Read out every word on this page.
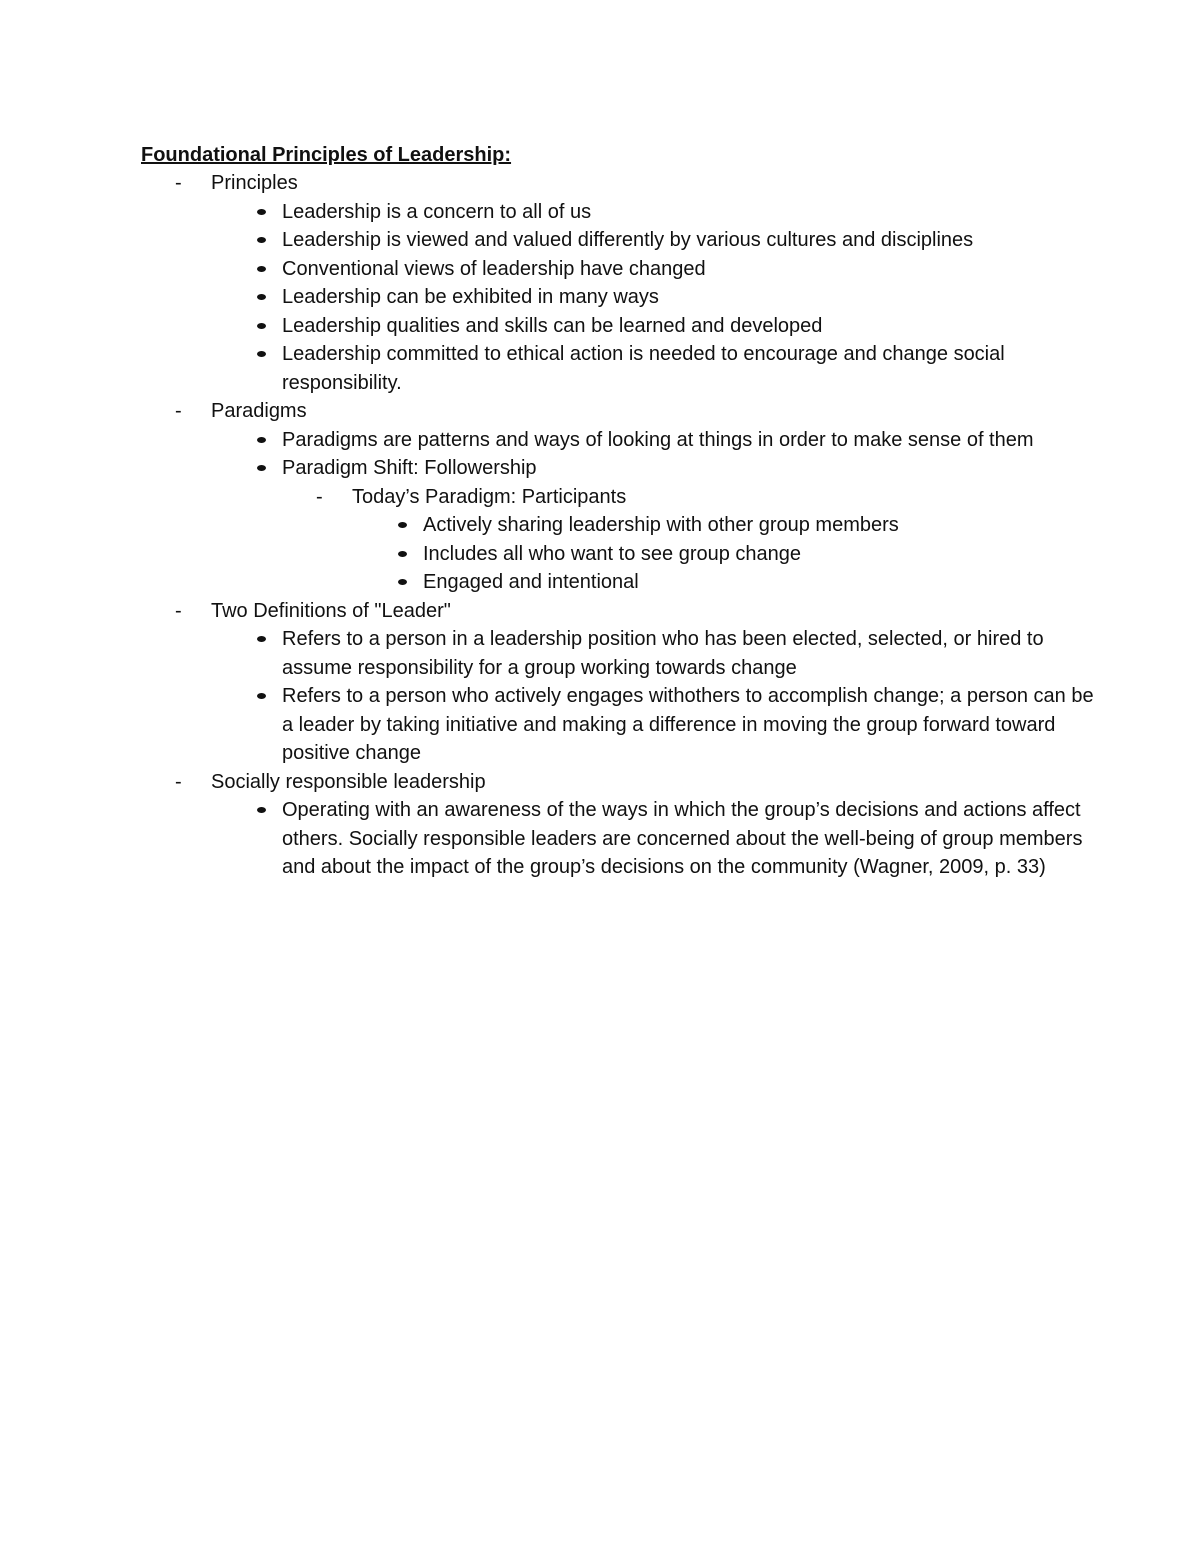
Foundational Principles of Leadership:
- Principles
Leadership is a concern to all of us
Leadership is viewed and valued differently by various cultures and disciplines
Conventional views of leadership have changed
Leadership can be exhibited in many ways
Leadership qualities and skills can be learned and developed
Leadership committed to ethical action is needed to encourage and change social responsibility.
- Paradigms
Paradigms are patterns and ways of looking at things in order to make sense of them
Paradigm Shift: Followership
- Today’s Paradigm: Participants
Actively sharing leadership with other group members
Includes all who want to see group change
Engaged and intentional
- Two Definitions of "Leader"
Refers to a person in a leadership position who has been elected, selected, or hired to assume responsibility for a group working towards change
Refers to a person who actively engages withothers to accomplish change; a person can be a leader by taking initiative and making a difference in moving the group forward toward positive change
- Socially responsible leadership
Operating with an awareness of the ways in which the group’s decisions and actions affect others. Socially responsible leaders are concerned about the well-being of group members and about the impact of the group’s decisions on the community (Wagner, 2009, p. 33)
